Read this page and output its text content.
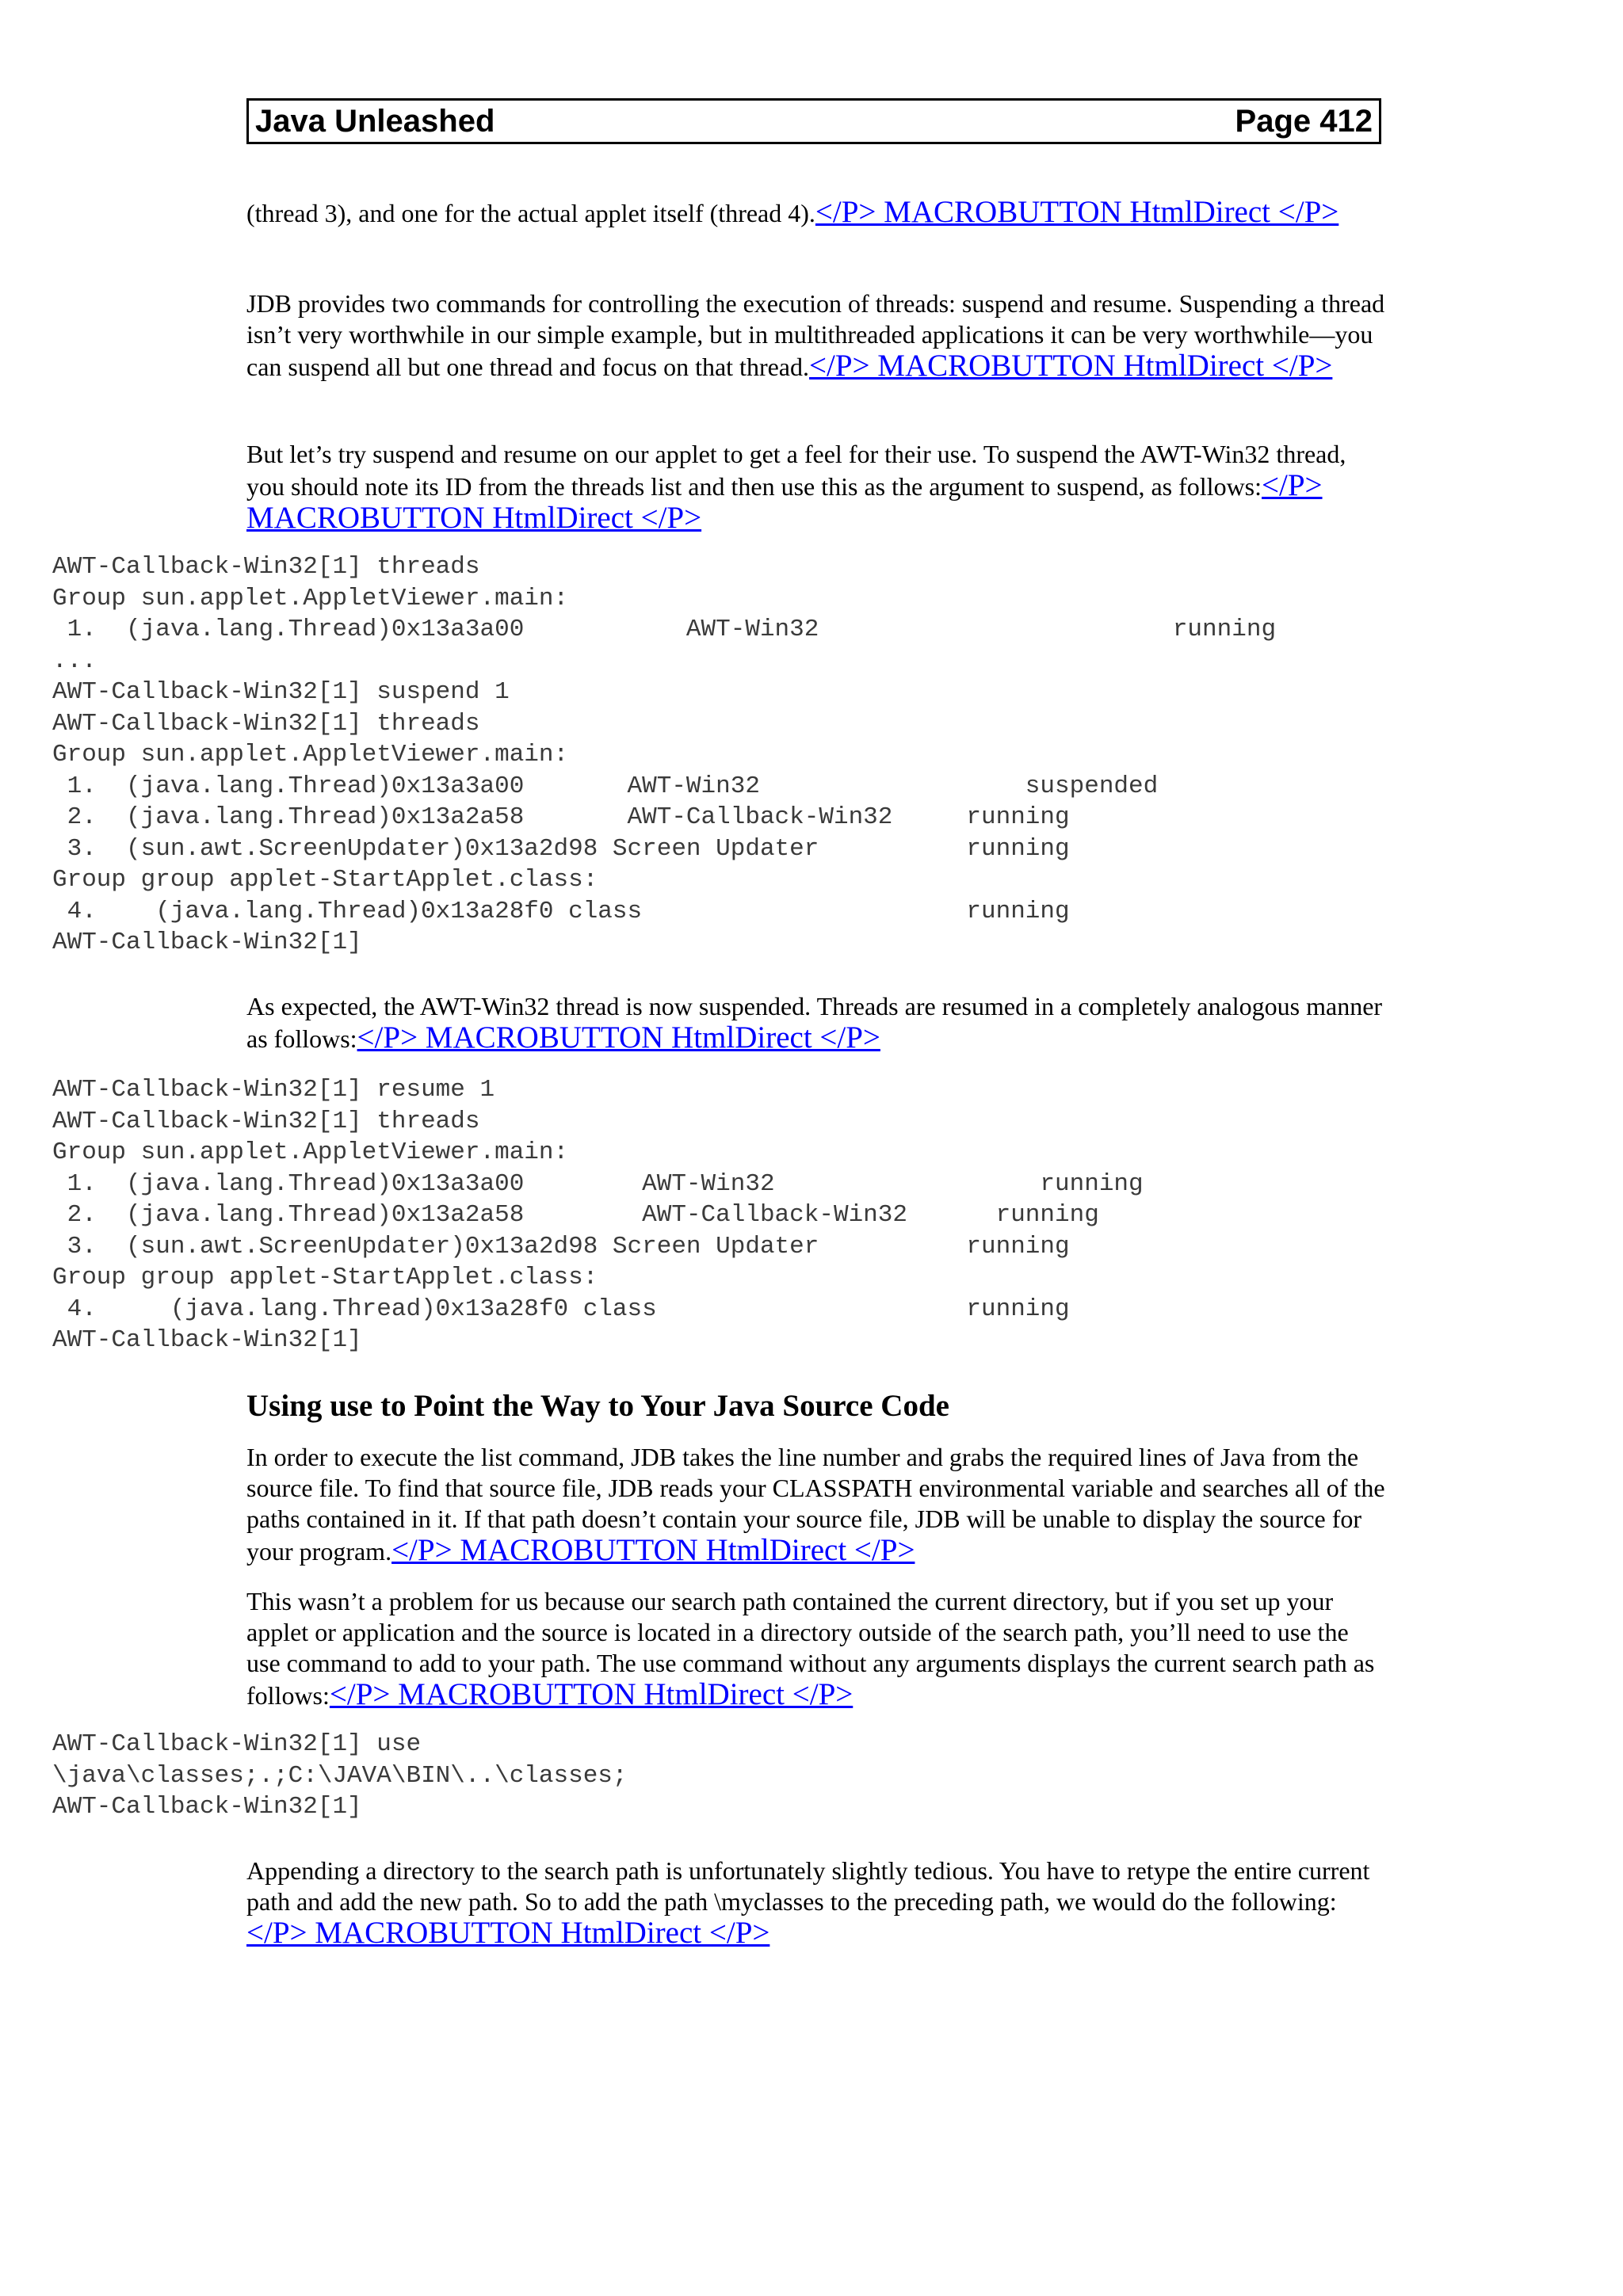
Java Unleashed	Page 412
(thread 3), and one for the actual applet itself (thread 4).</P> MACROBUTTON HtmlDirect </P>
JDB provides two commands for controlling the execution of threads: suspend and resume. Suspending a thread isn’t very worthwhile in our simple example, but in multithreaded applications it can be very worthwhile—you can suspend all but one thread and focus on that thread.</P> MACROBUTTON HtmlDirect </P>
But let’s try suspend and resume on our applet to get a feel for their use. To suspend the AWT-Win32 thread, you should note its ID from the threads list and then use this as the argument to suspend, as follows:</P> MACROBUTTON HtmlDirect </P>
AWT-Callback-Win32[1] threads
Group sun.applet.AppletViewer.main:
1.  (java.lang.Thread)0x13a3a00           AWT-Win32                        running
...
AWT-Callback-Win32[1] suspend 1
AWT-Callback-Win32[1] threads
Group sun.applet.AppletViewer.main:
1.  (java.lang.Thread)0x13a3a00       AWT-Win32                  suspended
2.  (java.lang.Thread)0x13a2a58       AWT-Callback-Win32     running
3.  (sun.awt.ScreenUpdater)0x13a2d98 Screen Updater          running
Group group applet-StartApplet.class:
4.    (java.lang.Thread)0x13a28f0 class                      running
AWT-Callback-Win32[1]
As expected, the AWT-Win32 thread is now suspended. Threads are resumed in a completely analogous manner as follows:</P> MACROBUTTON HtmlDirect </P>
AWT-Callback-Win32[1] resume 1
AWT-Callback-Win32[1] threads
Group sun.applet.AppletViewer.main:
1.  (java.lang.Thread)0x13a3a00        AWT-Win32                  running
2.  (java.lang.Thread)0x13a2a58        AWT-Callback-Win32      running
3.  (sun.awt.ScreenUpdater)0x13a2d98 Screen Updater          running
Group group applet-StartApplet.class:
4.     (java.lang.Thread)0x13a28f0 class                     running
AWT-Callback-Win32[1]
Using use to Point the Way to Your Java Source Code
In order to execute the list command, JDB takes the line number and grabs the required lines of Java from the source file. To find that source file, JDB reads your CLASSPATH environmental variable and searches all of the paths contained in it. If that path doesn’t contain your source file, JDB will be unable to display the source for your program.</P> MACROBUTTON HtmlDirect </P>
This wasn’t a problem for us because our search path contained the current directory, but if you set up your applet or application and the source is located in a directory outside of the search path, you’ll need to use the use command to add to your path. The use command without any arguments displays the current search path as follows:</P> MACROBUTTON HtmlDirect </P>
AWT-Callback-Win32[1] use
\java\classes;.;C:\JAVA\BIN\..\classes;
AWT-Callback-Win32[1]
Appending a directory to the search path is unfortunately slightly tedious. You have to retype the entire current path and add the new path. So to add the path \myclasses to the preceding path, we would do the following:</P> MACROBUTTON HtmlDirect </P>
